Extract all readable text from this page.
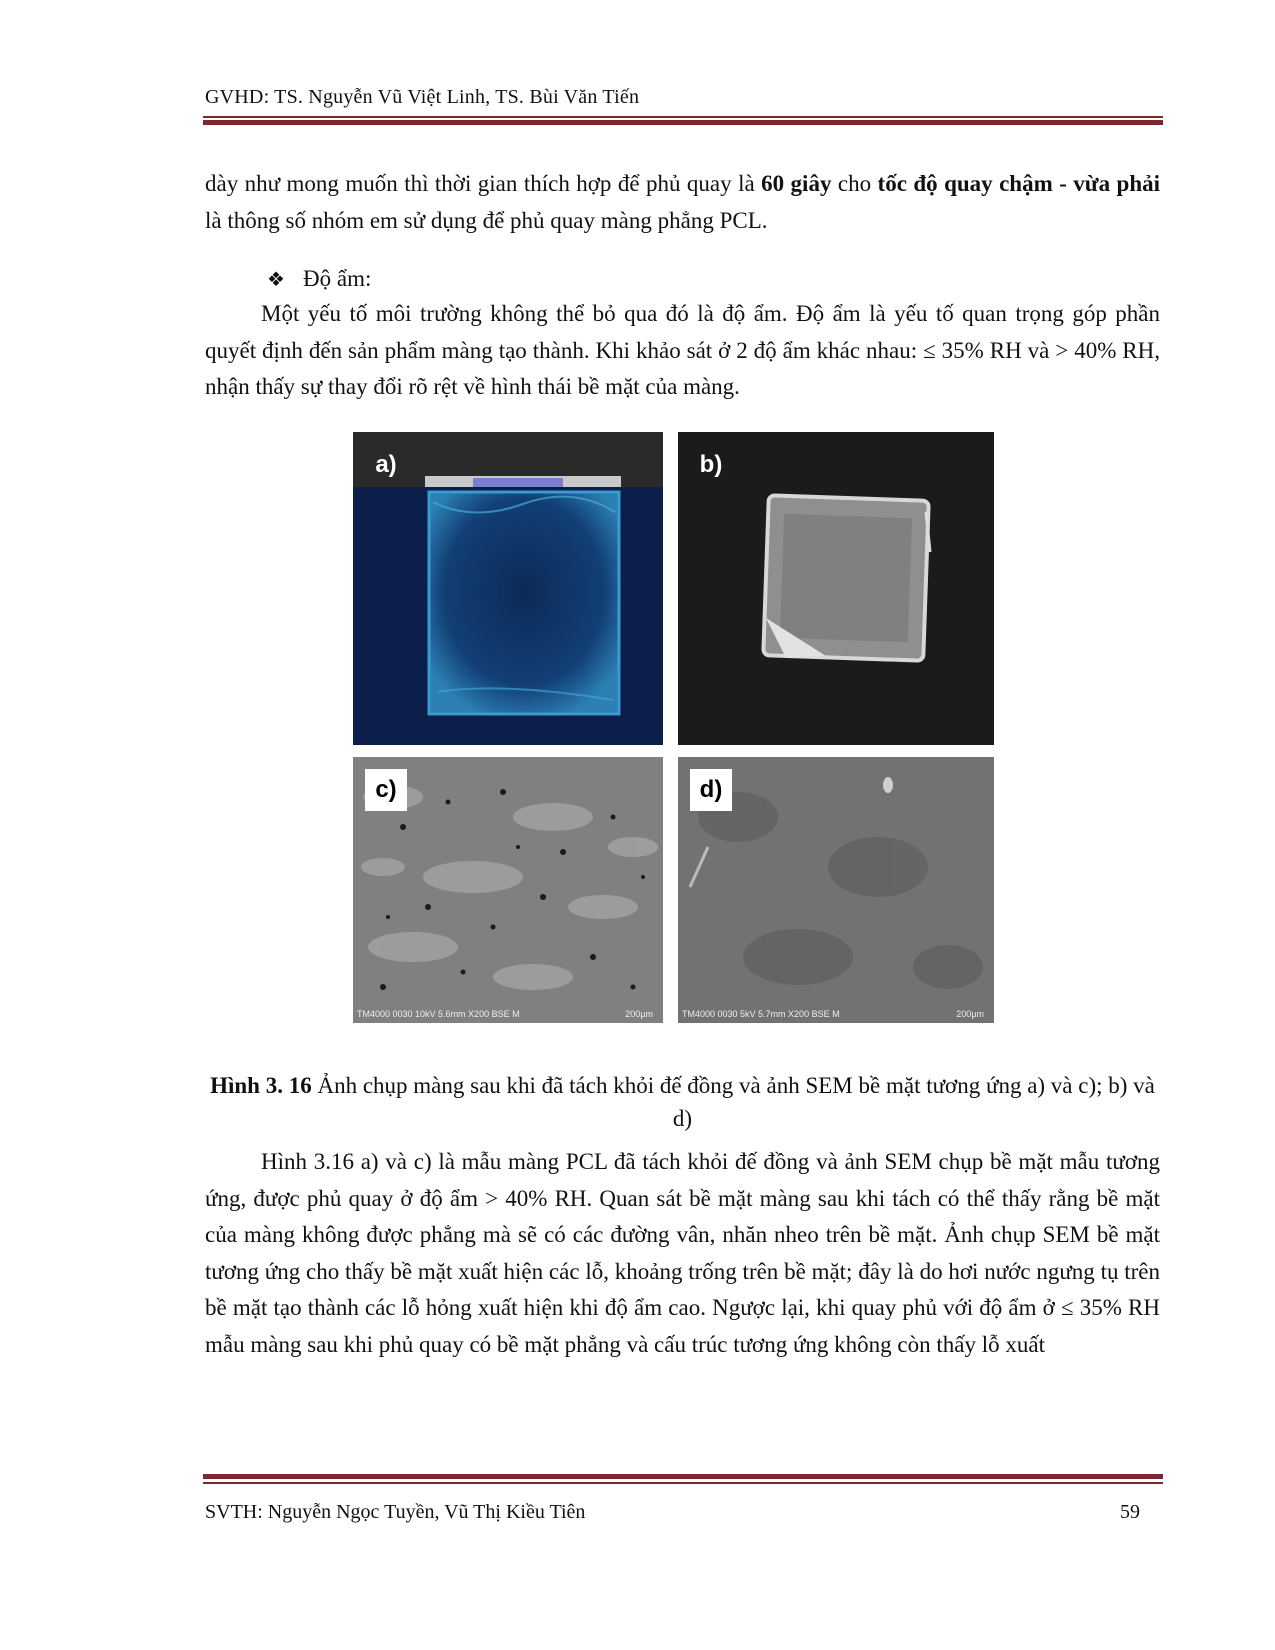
GVHD: TS. Nguyễn Vũ Việt Linh, TS. Bùi Văn Tiến
dày như mong muốn thì thời gian thích hợp để phủ quay là 60 giây cho tốc độ quay chậm - vừa phải là thông số nhóm em sử dụng để phủ quay màng phẳng PCL.
❖ Độ ẩm:
Một yếu tố môi trường không thể bỏ qua đó là độ ẩm. Độ ẩm là yếu tố quan trọng góp phần quyết định đến sản phẩm màng tạo thành. Khi khảo sát ở 2 độ ẩm khác nhau: ≤ 35% RH và > 40% RH, nhận thấy sự thay đổi rõ rệt về hình thái bề mặt của màng.
a)	b)
c)
TM4000 0030 10kV 5.6mm X200 BSE M	200µm
d)
TM4000 0030 5kV 5.7mm X200 BSE M	200µm
Hình 3. 16 Ảnh chụp màng sau khi đã tách khỏi đế đồng và ảnh SEM bề mặt tương ứng a) và c); b) và d)
Hình 3.16 a) và c) là mẫu màng PCL đã tách khỏi đế đồng và ảnh SEM chụp bề mặt mẫu tương ứng, được phủ quay ở độ ẩm > 40% RH. Quan sát bề mặt màng sau khi tách có thể thấy rằng bề mặt của màng không được phẳng mà sẽ có các đường vân, nhăn nheo trên bề mặt. Ảnh chụp SEM bề mặt tương ứng cho thấy bề mặt xuất hiện các lỗ, khoảng trống trên bề mặt; đây là do hơi nước ngưng tụ trên bề mặt tạo thành các lỗ hỏng xuất hiện khi độ ẩm cao. Ngược lại, khi quay phủ với độ ẩm ở ≤ 35% RH mẫu màng sau khi phủ quay có bề mặt phẳng và cấu trúc tương ứng không còn thấy lỗ xuất
SVTH: Nguyễn Ngọc Tuyền, Vũ Thị Kiều Tiên	59
